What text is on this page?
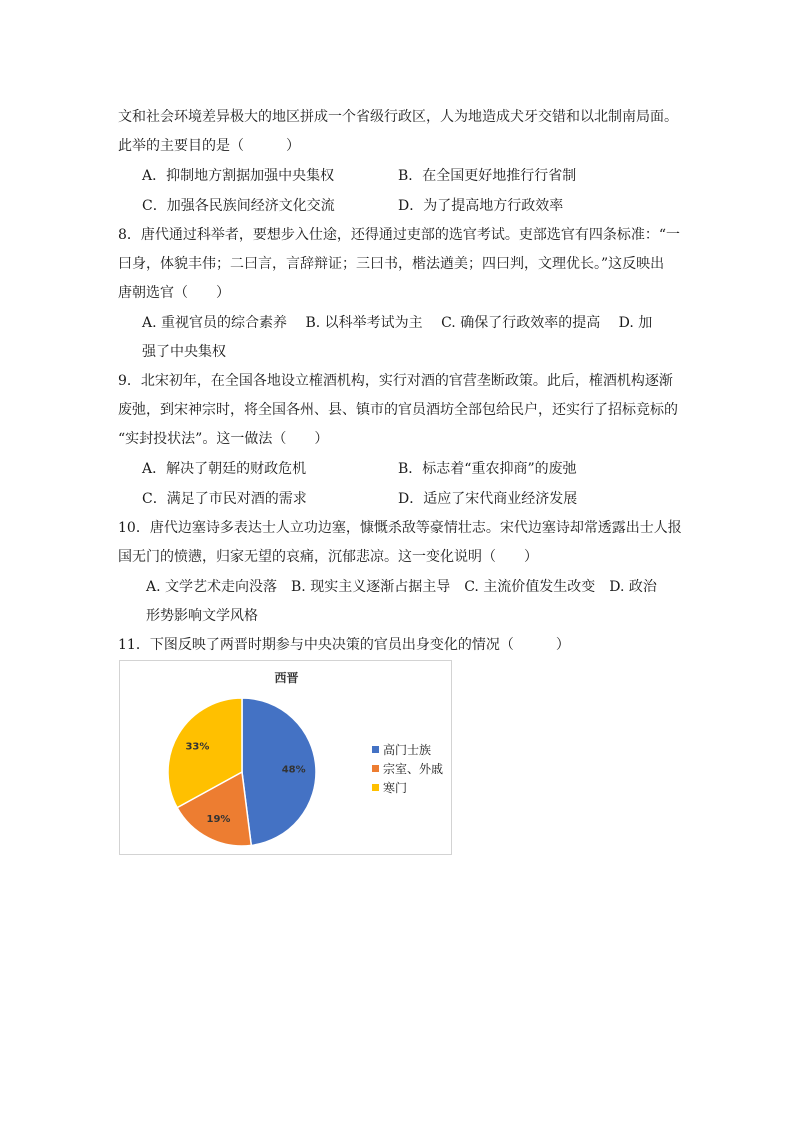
文和社会环境差异极大的地区拼成一个省级行政区，人为地造成犬牙交错和以北制南局面。
此举的主要目的是（　　　）
A．抑制地方割据加强中央集权	B．在全国更好地推行行省制
C．加强各民族间经济文化交流	D．为了提高地方行政效率
8．唐代通过科举者，要想步入仕途，还得通过吏部的选官考试。吏部选官有四条标准：“一
曰身，体貌丰伟；二曰言，言辞辩证；三曰书，楷法遒美；四曰判，文理优长。”这反映出
唐朝选官（　　）
A. 重视官员的综合素养　 B. 以科举考试为主　 C. 确保了行政效率的提高　 D. 加
强了中央集权
9．北宋初年，在全国各地设立榷酒机构，实行对酒的官营垄断政策。此后，榷酒机构逐渐
废弛，到宋神宗时，将全国各州、县、镇市的官员酒坊全部包给民户，还实行了招标竞标的
“实封投状法”。这一做法（　　）
A．解决了朝廷的财政危机	B．标志着“重农抑商”的废弛
C．满足了市民对酒的需求	D．适应了宋代商业经济发展
10．唐代边塞诗多表达士人立功边塞，慷慨杀敌等豪情壮志。宋代边塞诗却常透露出士人报
国无门的愤懑，归家无望的哀痛，沉郁悲凉。这一变化说明（　　）
A. 文学艺术走向没落　B. 现实主义逐渐占据主导　C. 主流价值发生改变　D. 政治
形势影响文学风格
11．下图反映了两晋时期参与中央决策的官员出身变化的情况（　　　）
西晋
48%
19%
33%	高门士族
宗室、外戚
寒门
